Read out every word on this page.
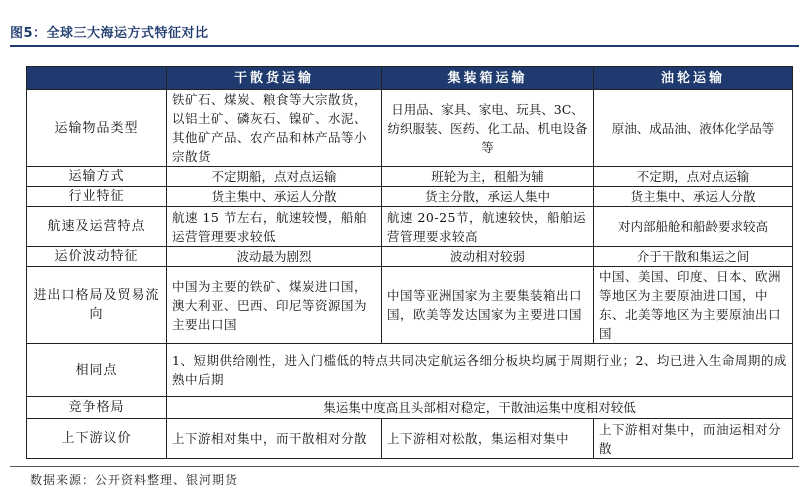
图5：全球三大海运方式特征对比
	干散货运输	集装箱运输	油轮运输
运输物品类型	铁矿石、煤炭、粮食等大宗散货，以铝土矿、磷灰石、镍矿、水泥、其他矿产品、农产品和林产品等小宗散货	日用品、家具、家电、玩具、3C、纺织服装、医药、化工品、机电设备等	原油、成品油、液体化学品等
运输方式	不定期船，点对点运输	班轮为主，租船为辅	不定期，点对点运输
行业特征	货主集中、承运人分散	货主分散，承运人集中	货主集中、承运人分散
航速及运营特点	航速 15 节左右，航速较慢，船舶运营管理要求较低	航速 20-25节，航速较快，船舶运营管理要求较高	对内部船舱和船龄要求较高
运价波动特征	波动最为剧烈	波动相对较弱	介于干散和集运之间
进出口格局及贸易流向	中国为主要的铁矿、煤炭进口国，澳大利亚、巴西、印尼等资源国为主要出口国	中国等亚洲国家为主要集装箱出口国，欧美等发达国家为主要进口国	中国、美国、印度、日本、欧洲等地区为主要原油进口国，中东、北美等地区为主要原油出口国
相同点	1、短期供给刚性，进入门槛低的特点共同决定航运各细分板块均属于周期行业；2、均已进入生命周期的成熟中后期		
竞争格局	集运集中度高且头部相对稳定，干散油运集中度相对较低		
上下游议价	上下游相对集中，而干散相对分散	上下游相对松散，集运相对集中	上下游相对集中，而油运相对分散
数据来源：公开资料整理、银河期货
